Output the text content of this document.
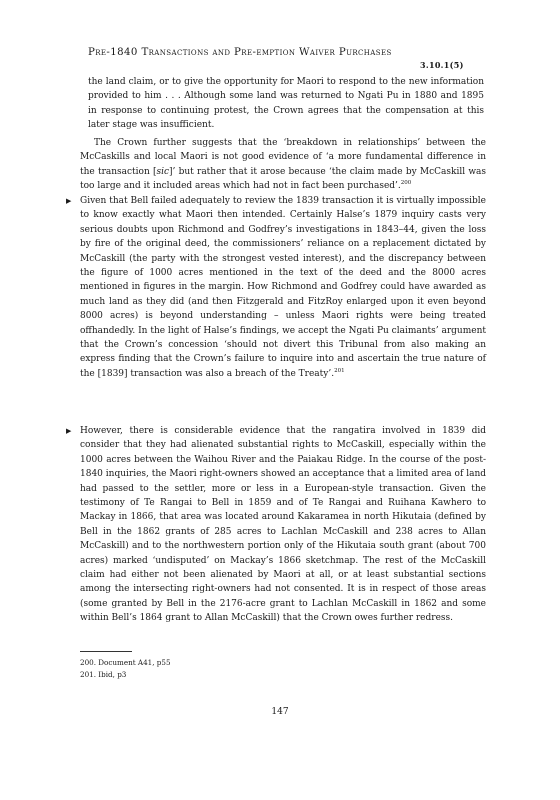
Pre-1840 Transactions and Pre-emption Waiver Purchases
3.10.1(5)

the land claim, or to give the opportunity for Maori to respond to the new information provided to him . . . Although some land was returned to Ngati Pu in 1880 and 1895 in response to continuing protest, the Crown agrees that the compensation at this later stage was insufficient.

The Crown further suggests that the ‘breakdown in relationships’ between the McCaskills and local Maori is not good evidence of ‘a more fundamental difference in the transaction [sic]’ but rather that it arose because ‘the claim made by McCaskill was too large and it included areas which had not in fact been purchased’.$^{200}$

▶ Given that Bell failed adequately to review the 1839 transaction it is virtually impossible to know exactly what Maori then intended. Certainly Halse’s 1879 inquiry casts very serious doubts upon Richmond and Godfrey’s investigations in 1843–44, given the loss by fire of the original deed, the commissioners’ reliance on a replacement dictated by McCaskill (the party with the strongest vested interest), and the discrepancy between the figure of 1000 acres mentioned in the text of the deed and the 8000 acres mentioned in figures in the margin. How Richmond and Godfrey could have awarded as much land as they did (and then Fitzgerald and FitzRoy enlarged upon it even beyond 8000 acres) is beyond understanding – unless Maori rights were being treated offhandedly. In the light of Halse’s findings, we accept the Ngati Pu claimants’ argument that the Crown’s concession ‘should not divert this Tribunal from also making an express finding that the Crown’s failure to inquire into and ascertain the true nature of the [1839] transaction was also a breach of the Treaty’.$^{201}$

▶ However, there is considerable evidence that the rangatira involved in 1839 did consider that they had alienated substantial rights to McCaskill, especially within the 1000 acres between the Waihou River and the Paiakau Ridge. In the course of the post-1840 inquiries, the Maori right-owners showed an acceptance that a limited area of land had passed to the settler, more or less in a European-style transaction. Given the testimony of Te Rangai to Bell in 1859 and of Te Rangai and Ruihana Kawhero to Mackay in 1866, that area was located around Kakaramea in north Hikutaia (defined by Bell in the 1862 grants of 285 acres to Lachlan McCaskill and 238 acres to Allan McCaskill) and to the northwestern portion only of the Hikutaia south grant (about 700 acres) marked ‘undisputed’ on Mackay’s 1866 sketchmap. The rest of the McCaskill claim had either not been alienated by Maori at all, or at least substantial sections among the intersecting right-owners had not consented. It is in respect of those areas (some granted by Bell in the 2176-acre grant to Lachlan McCaskill in 1862 and some within Bell’s 1864 grant to Allan McCaskill) that the Crown owes further redress.

200. Document A41, p55
201. Ibid, p3
147
